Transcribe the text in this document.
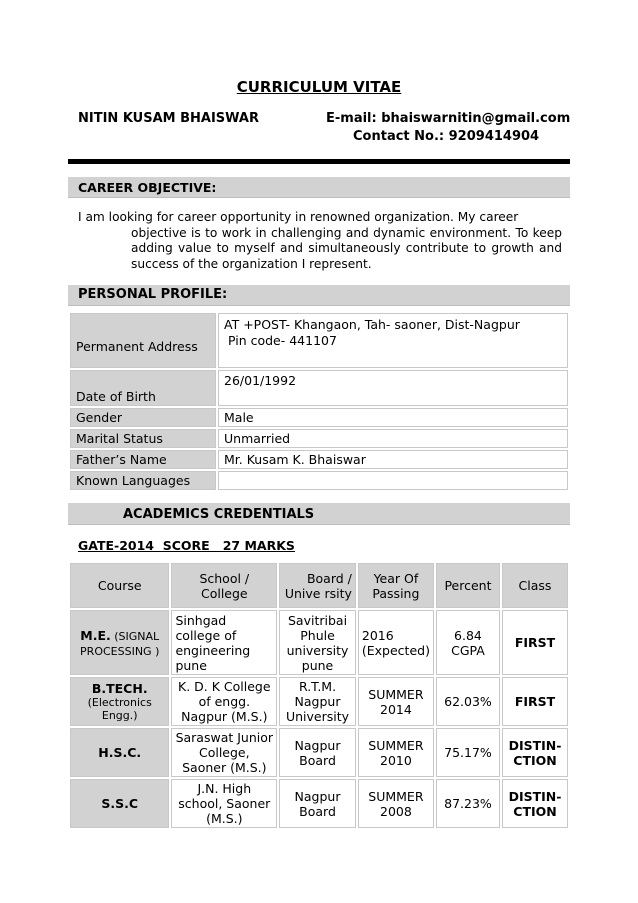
CURRICULUM VITAE
NITIN KUSAM BHAISWAR	E-mail: bhaiswarnitin@gmail.com
Contact No.: 9209414904
CAREER OBJECTIVE:
I am looking for career opportunity in renowned organization. My career
objective is to work in challenging and dynamic environment. To keep adding value to myself and simultaneously contribute to growth and success of the organization I represent.
PERSONAL PROFILE:
Permanent Address	AT +POST- Khangaon, Tah- saoner, Dist-Nagpur
Pin code- 441107

Date of Birth	26/01/1992
Gender	Male
Marital Status	Unmarried
Father’s Name	Mr. Kusam K. Bhaiswar
Known Languages	
ACADEMICS CREDENTIALS
GATE-2014  SCORE   27 MARKS
Course	School / College	Board / Unive rsity	Year Of Passing	Percent	Class
M.E. (SIGNAL PROCESSING )	Sinhgad college of engineering pune	Savitribai Phule university pune	2016 (Expected)	6.84 CGPA	FIRST

B.TECH.
(Electronics Engg.)	K. D. K College of engg. Nagpur (M.S.)	R.T.M. Nagpur University	SUMMER 2014	62.03%	FIRST
H.S.C.	Saraswat Junior College, Saoner (M.S.)	Nagpur Board	SUMMER 2010	75.17%	DISTIN-CTION
S.S.C	J.N. High school, Saoner (M.S.)	Nagpur Board	SUMMER 2008	87.23%	DISTIN-CTION
